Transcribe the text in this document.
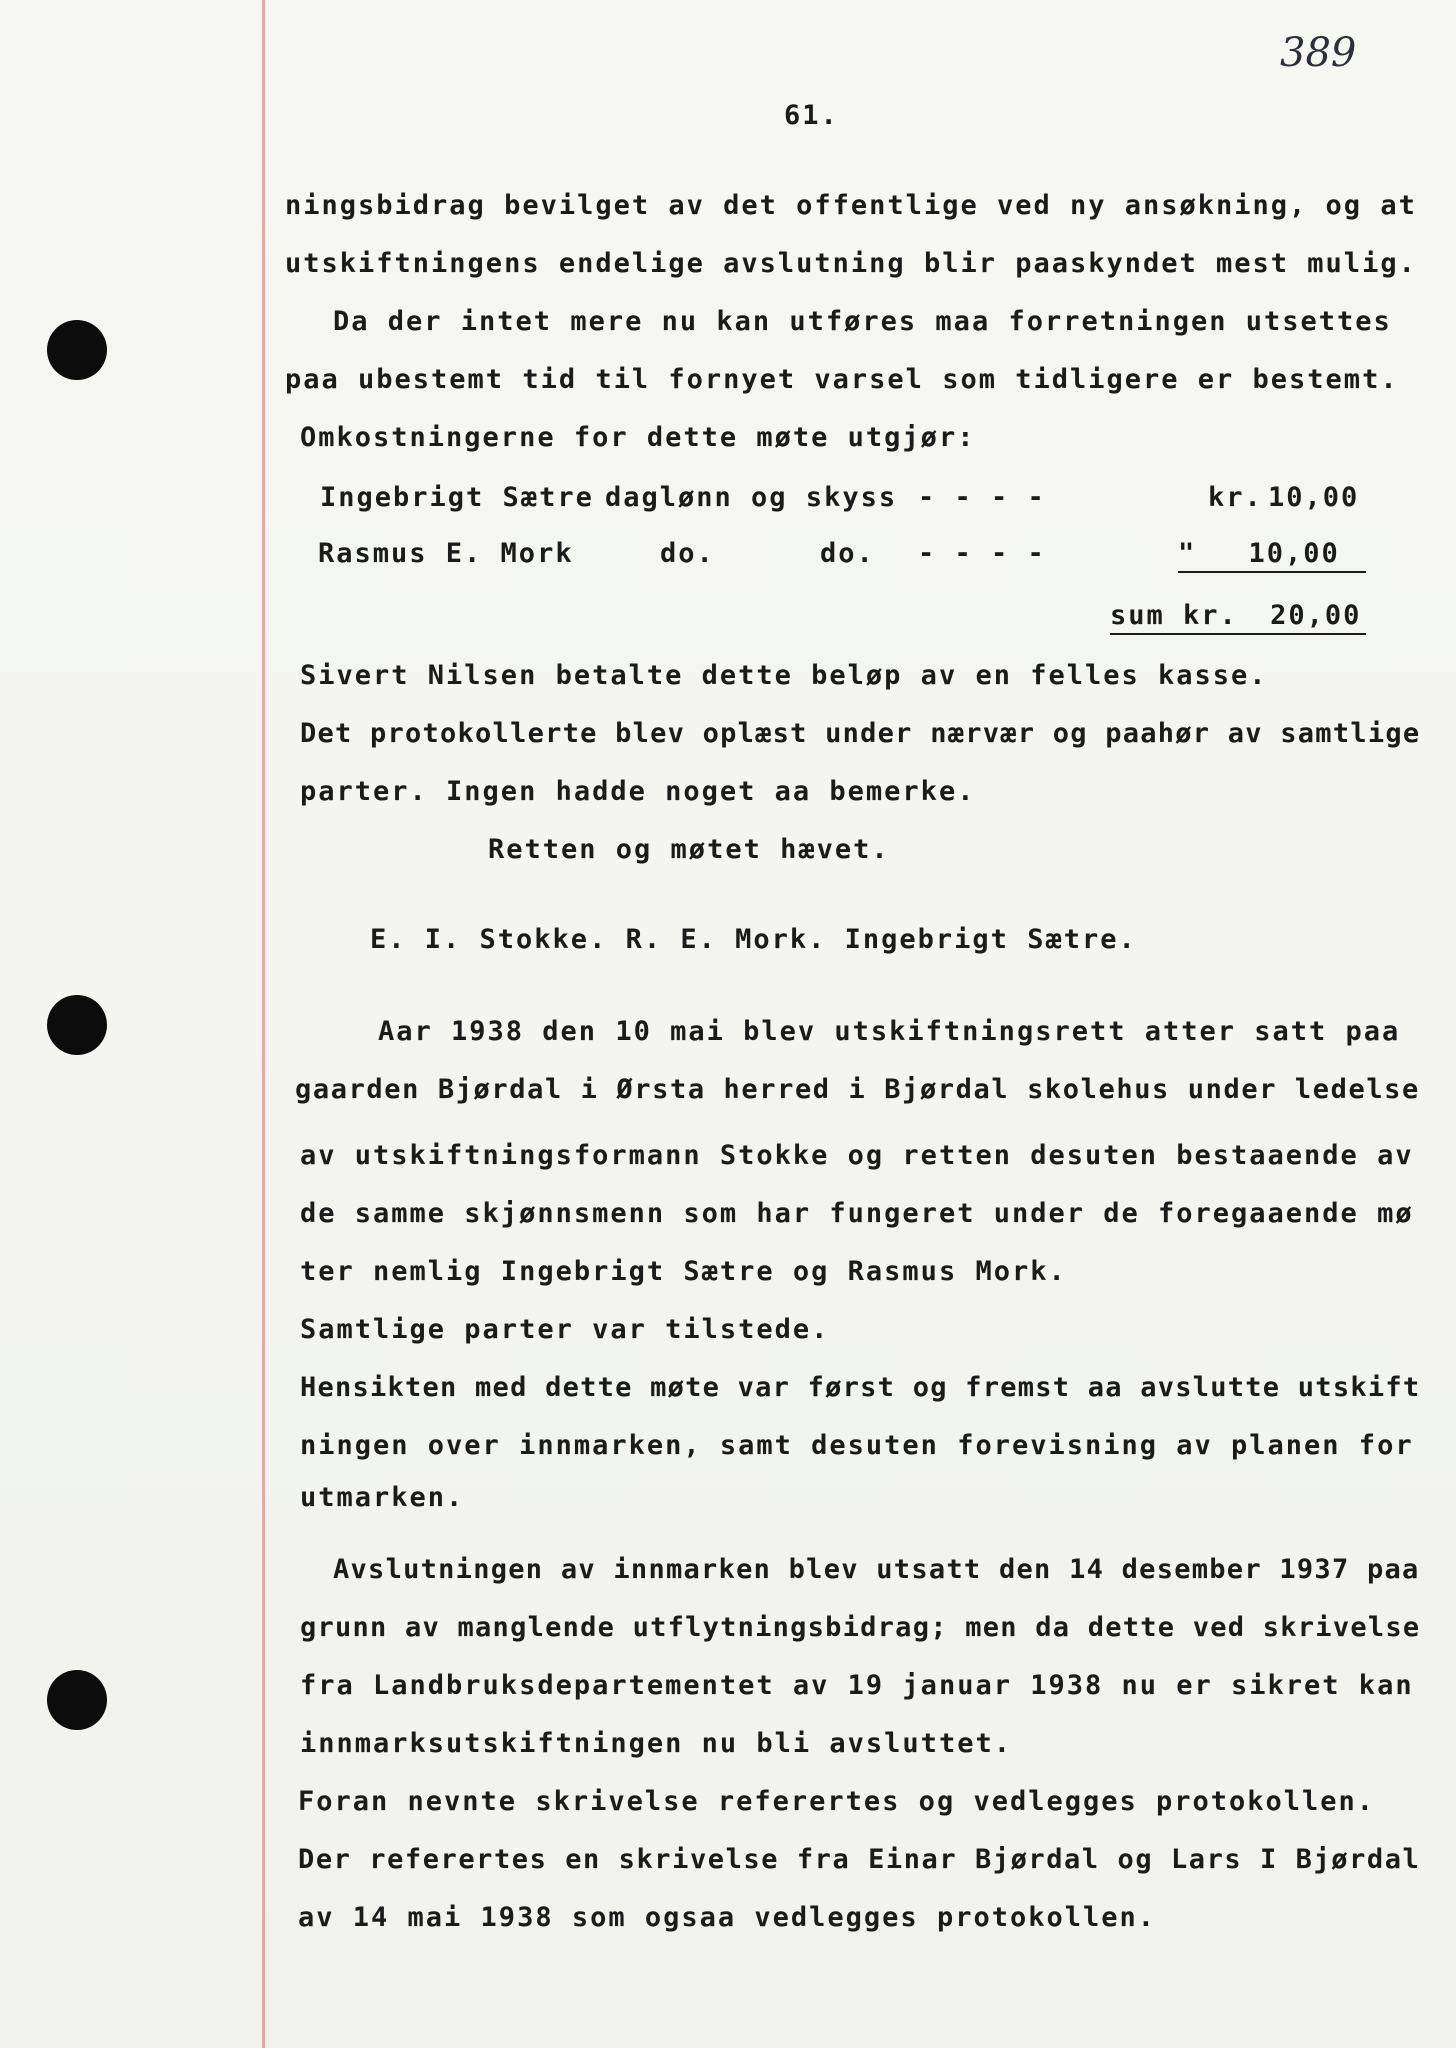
389
61.
ningsbidrag bevilget av det offentlige ved ny ansøkning, og at
utskiftningens endelige avslutning blir paaskyndet mest mulig.
Da der intet mere nu kan utføres maa forretningen utsettes
paa ubestemt tid til fornyet varsel som tidligere er bestemt.
Omkostningerne for dette møte utgjør:
Ingebrigt Sætre daglønn og skyss - - - -	kr. 10,00
Rasmus E. Mork	do.	do. - - - -	" 10,00
sum kr. 20,00
Sivert Nilsen betalte dette beløp av en felles kasse.
Det protokollerte blev oplæst under nærvær og paahør av samtlige
parter. Ingen hadde noget aa bemerke.
Retten og møtet hævet.
E. I. Stokke. R. E. Mork. Ingebrigt Sætre.
Aar 1938 den 10 mai blev utskiftningsrett atter satt paa
gaarden Bjørdal i Ørsta herred i Bjørdal skolehus under ledelse
av utskiftningsformann Stokke og retten desuten bestaaende av
de samme skjønnsmenn som har fungeret under de foregaaende mø
ter nemlig Ingebrigt Sætre og Rasmus Mork.
Samtlige parter var tilstede.
Hensikten med dette møte var først og fremst aa avslutte utskift
ningen over innmarken, samt desuten forevisning av planen for
utmarken.
Avslutningen av innmarken blev utsatt den 14 desember 1937 paa
grunn av manglende utflytningsbidrag; men da dette ved skrivelse
fra Landbruksdepartementet av 19 januar 1938 nu er sikret kan
innmarksutskiftningen nu bli avsluttet.
Foran nevnte skrivelse referertes og vedlegges protokollen.
Der referertes en skrivelse fra Einar Bjørdal og Lars I Bjørdal
av 14 mai 1938 som ogsaa vedlegges protokollen.
